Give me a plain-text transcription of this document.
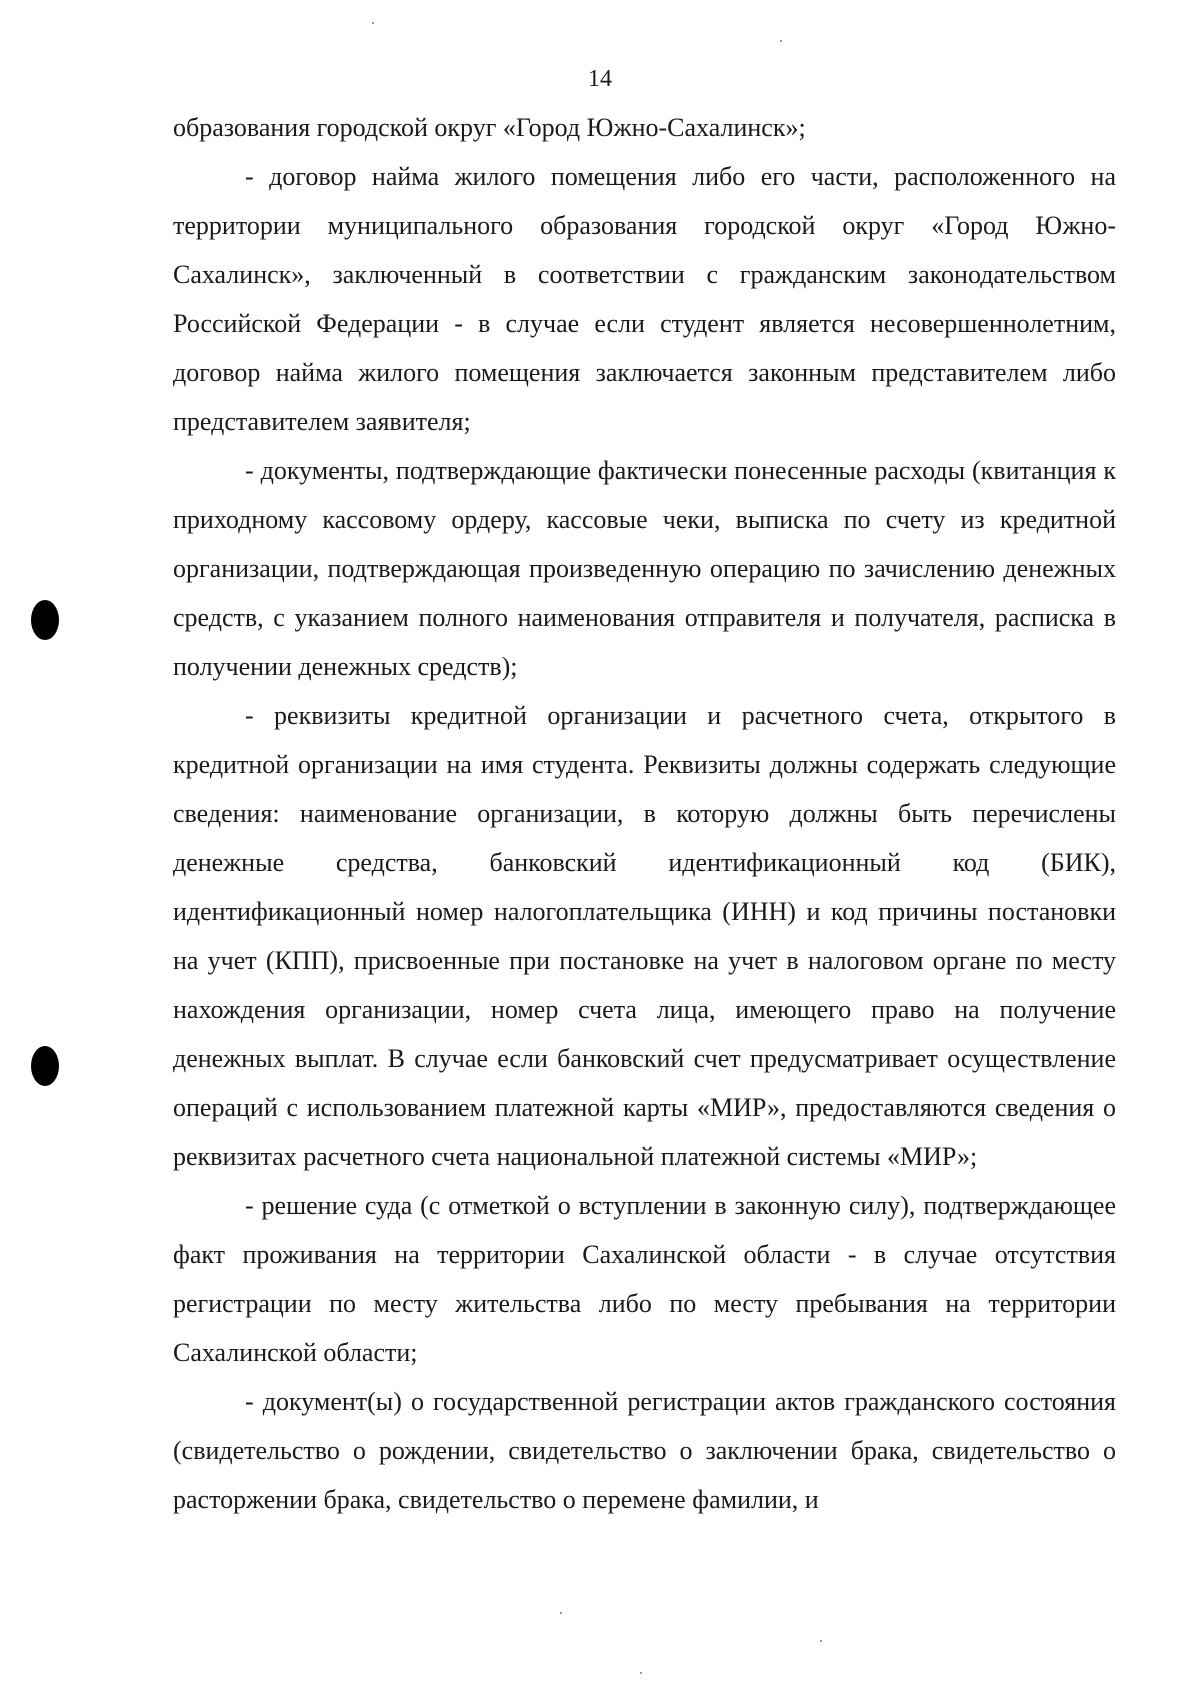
14

образования городской округ «Город Южно-Сахалинск»;

- договор найма жилого помещения либо его части, расположенного на территории муниципального образования городской округ «Город Южно-Сахалинск», заключенный в соответствии с гражданским законодательством Российской Федерации - в случае если студент является несовершеннолетним, договор найма жилого помещения заключается законным представителем либо представителем заявителя;

- документы, подтверждающие фактически понесенные расходы (квитанция к приходному кассовому ордеру, кассовые чеки, выписка по счету из кредитной организации, подтверждающая произведенную операцию по зачислению денежных средств, с указанием полного наименования отправителя и получателя, расписка в получении денежных средств);

- реквизиты кредитной организации и расчетного счета, открытого в кредитной организации на имя студента. Реквизиты должны содержать следующие сведения: наименование организации, в которую должны быть перечислены денежные средства, банковский идентификационный код (БИК), идентификационный номер налогоплательщика (ИНН) и код причины постановки на учет (КПП), присвоенные при постановке на учет в налоговом органе по месту нахождения организации, номер счета лица, имеющего право на получение денежных выплат. В случае если банковский счет предусматривает осуществление операций с использованием платежной карты «МИР», предоставляются сведения о реквизитах расчетного счета национальной платежной системы «МИР»;

- решение суда (с отметкой о вступлении в законную силу), подтверждающее факт проживания на территории Сахалинской области - в случае отсутствия регистрации по месту жительства либо по месту пребывания на территории Сахалинской области;

- документ(ы) о государственной регистрации актов гражданского состояния (свидетельство о рождении, свидетельство о заключении брака, свидетельство о расторжении брака, свидетельство о перемене фамилии, и
